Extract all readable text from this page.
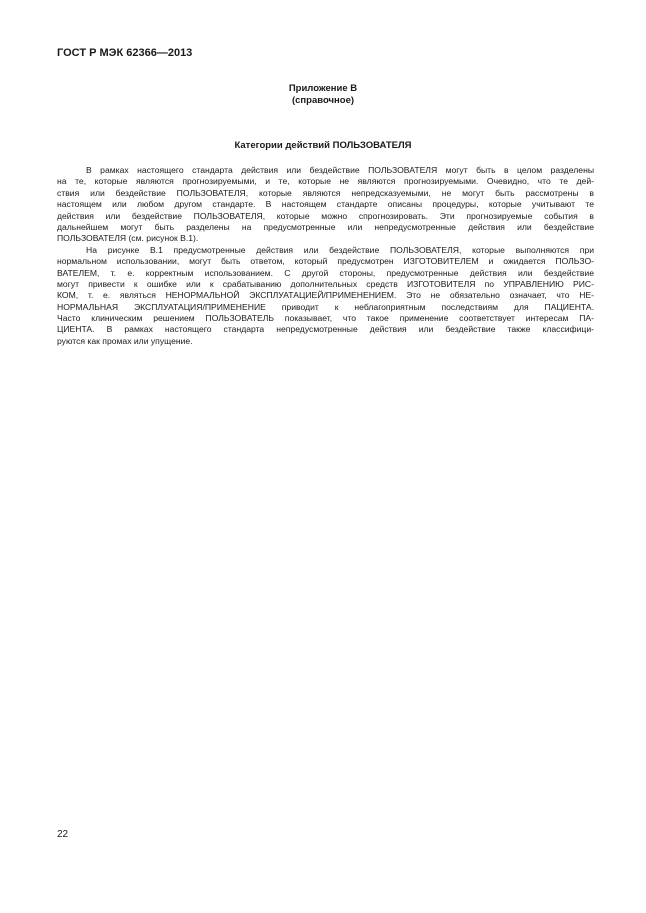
ГОСТ Р МЭК 62366—2013
Приложение В
(справочное)
Категории действий ПОЛЬЗОВАТЕЛЯ
В рамках настоящего стандарта действия или бездействие ПОЛЬЗОВАТЕЛЯ могут быть в целом разделены
на те, которые являются прогнозируемыми, и те, которые не являются прогнозируемыми. Очевидно, что те дей-
ствия или бездействие ПОЛЬЗОВАТЕЛЯ, которые являются непредсказуемыми, не могут быть рассмотрены в
настоящем или любом другом стандарте. В настоящем стандарте описаны процедуры, которые учитывают те
действия или бездействие ПОЛЬЗОВАТЕЛЯ, которые можно спрогнозировать. Эти прогнозируемые события в
дальнейшем могут быть разделены на предусмотренные или непредусмотренные действия или бездействие
ПОЛЬЗОВАТЕЛЯ (см. рисунок В.1).
На рисунке В.1 предусмотренные действия или бездействие ПОЛЬЗОВАТЕЛЯ, которые выполняются при
нормальном использовании, могут быть ответом, который предусмотрен ИЗГОТОВИТЕЛЕМ и ожидается ПОЛЬЗО-
ВАТЕЛЕМ, т. е. корректным использованием. С другой стороны, предусмотренные действия или бездействие
могут привести к ошибке или к срабатыванию дополнительных средств ИЗГОТОВИТЕЛЯ по УПРАВЛЕНИЮ РИС-
КОМ, т. е. являться НЕНОРМАЛЬНОЙ ЭКСПЛУАТАЦИЕЙ/ПРИМЕНЕНИЕМ. Это не обязательно означает, что НЕ-
НОРМАЛЬНАЯ ЭКСПЛУАТАЦИЯ/ПРИМЕНЕНИЕ приводит к неблагоприятным последствиям для ПАЦИЕНТА.
Часто клиническим решением ПОЛЬЗОВАТЕЛЬ показывает, что такое применение соответствует интересам ПА-
ЦИЕНТА. В рамках настоящего стандарта непредусмотренные действия или бездействие также классифици-
руются как промах или упущение.
22
